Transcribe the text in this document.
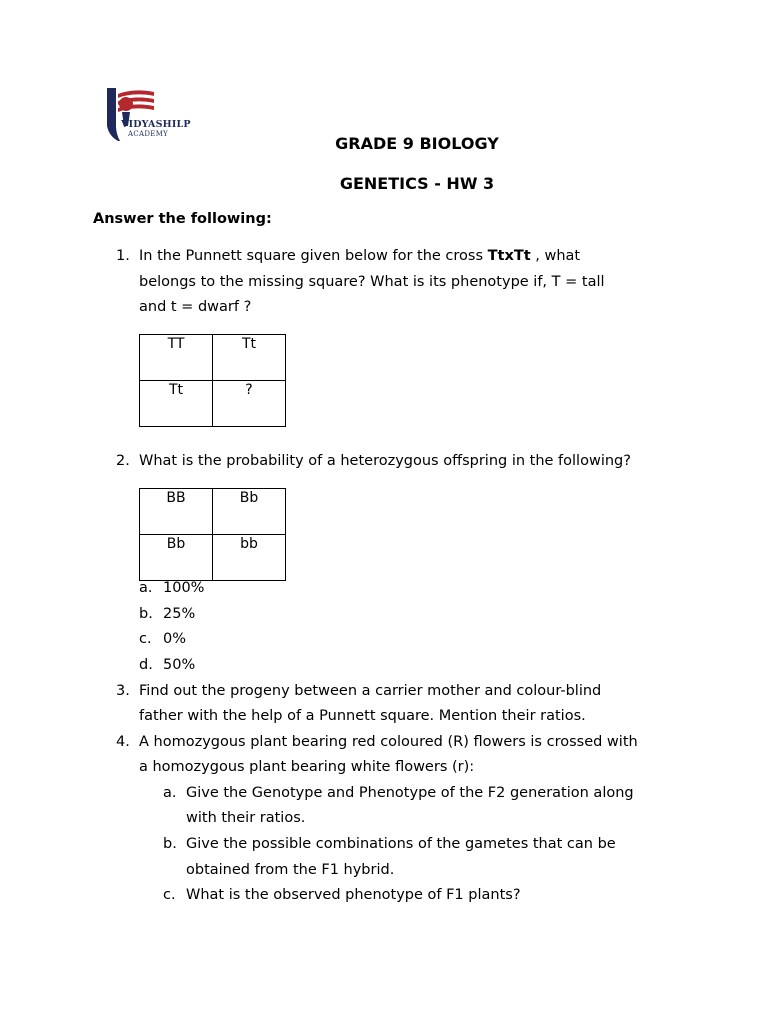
VIDYASHILP
ACADEMY	GRADE 9 BIOLOGY
GENETICS - HW 3
Answer the following:
1. In the Punnett square given below for the cross TtxTt , what
belongs to the missing square? What is its phenotype if, T = tall
and t = dwarf ?
TT	Tt
Tt	?
2. What is the probability of a heterozygous offspring in the following?
BB	Bb
Bb	bb
a. 100%
b. 25%
c. 0%
d. 50%
3. Find out the progeny between a carrier mother and colour-blind
father with the help of a Punnett square. Mention their ratios.
4. A homozygous plant bearing red coloured (R) flowers is crossed with
a homozygous plant bearing white flowers (r):
a. Give the Genotype and Phenotype of the F2 generation along
with their ratios.
b. Give the possible combinations of the gametes that can be
obtained from the F1 hybrid.
c. What is the observed phenotype of F1 plants?
